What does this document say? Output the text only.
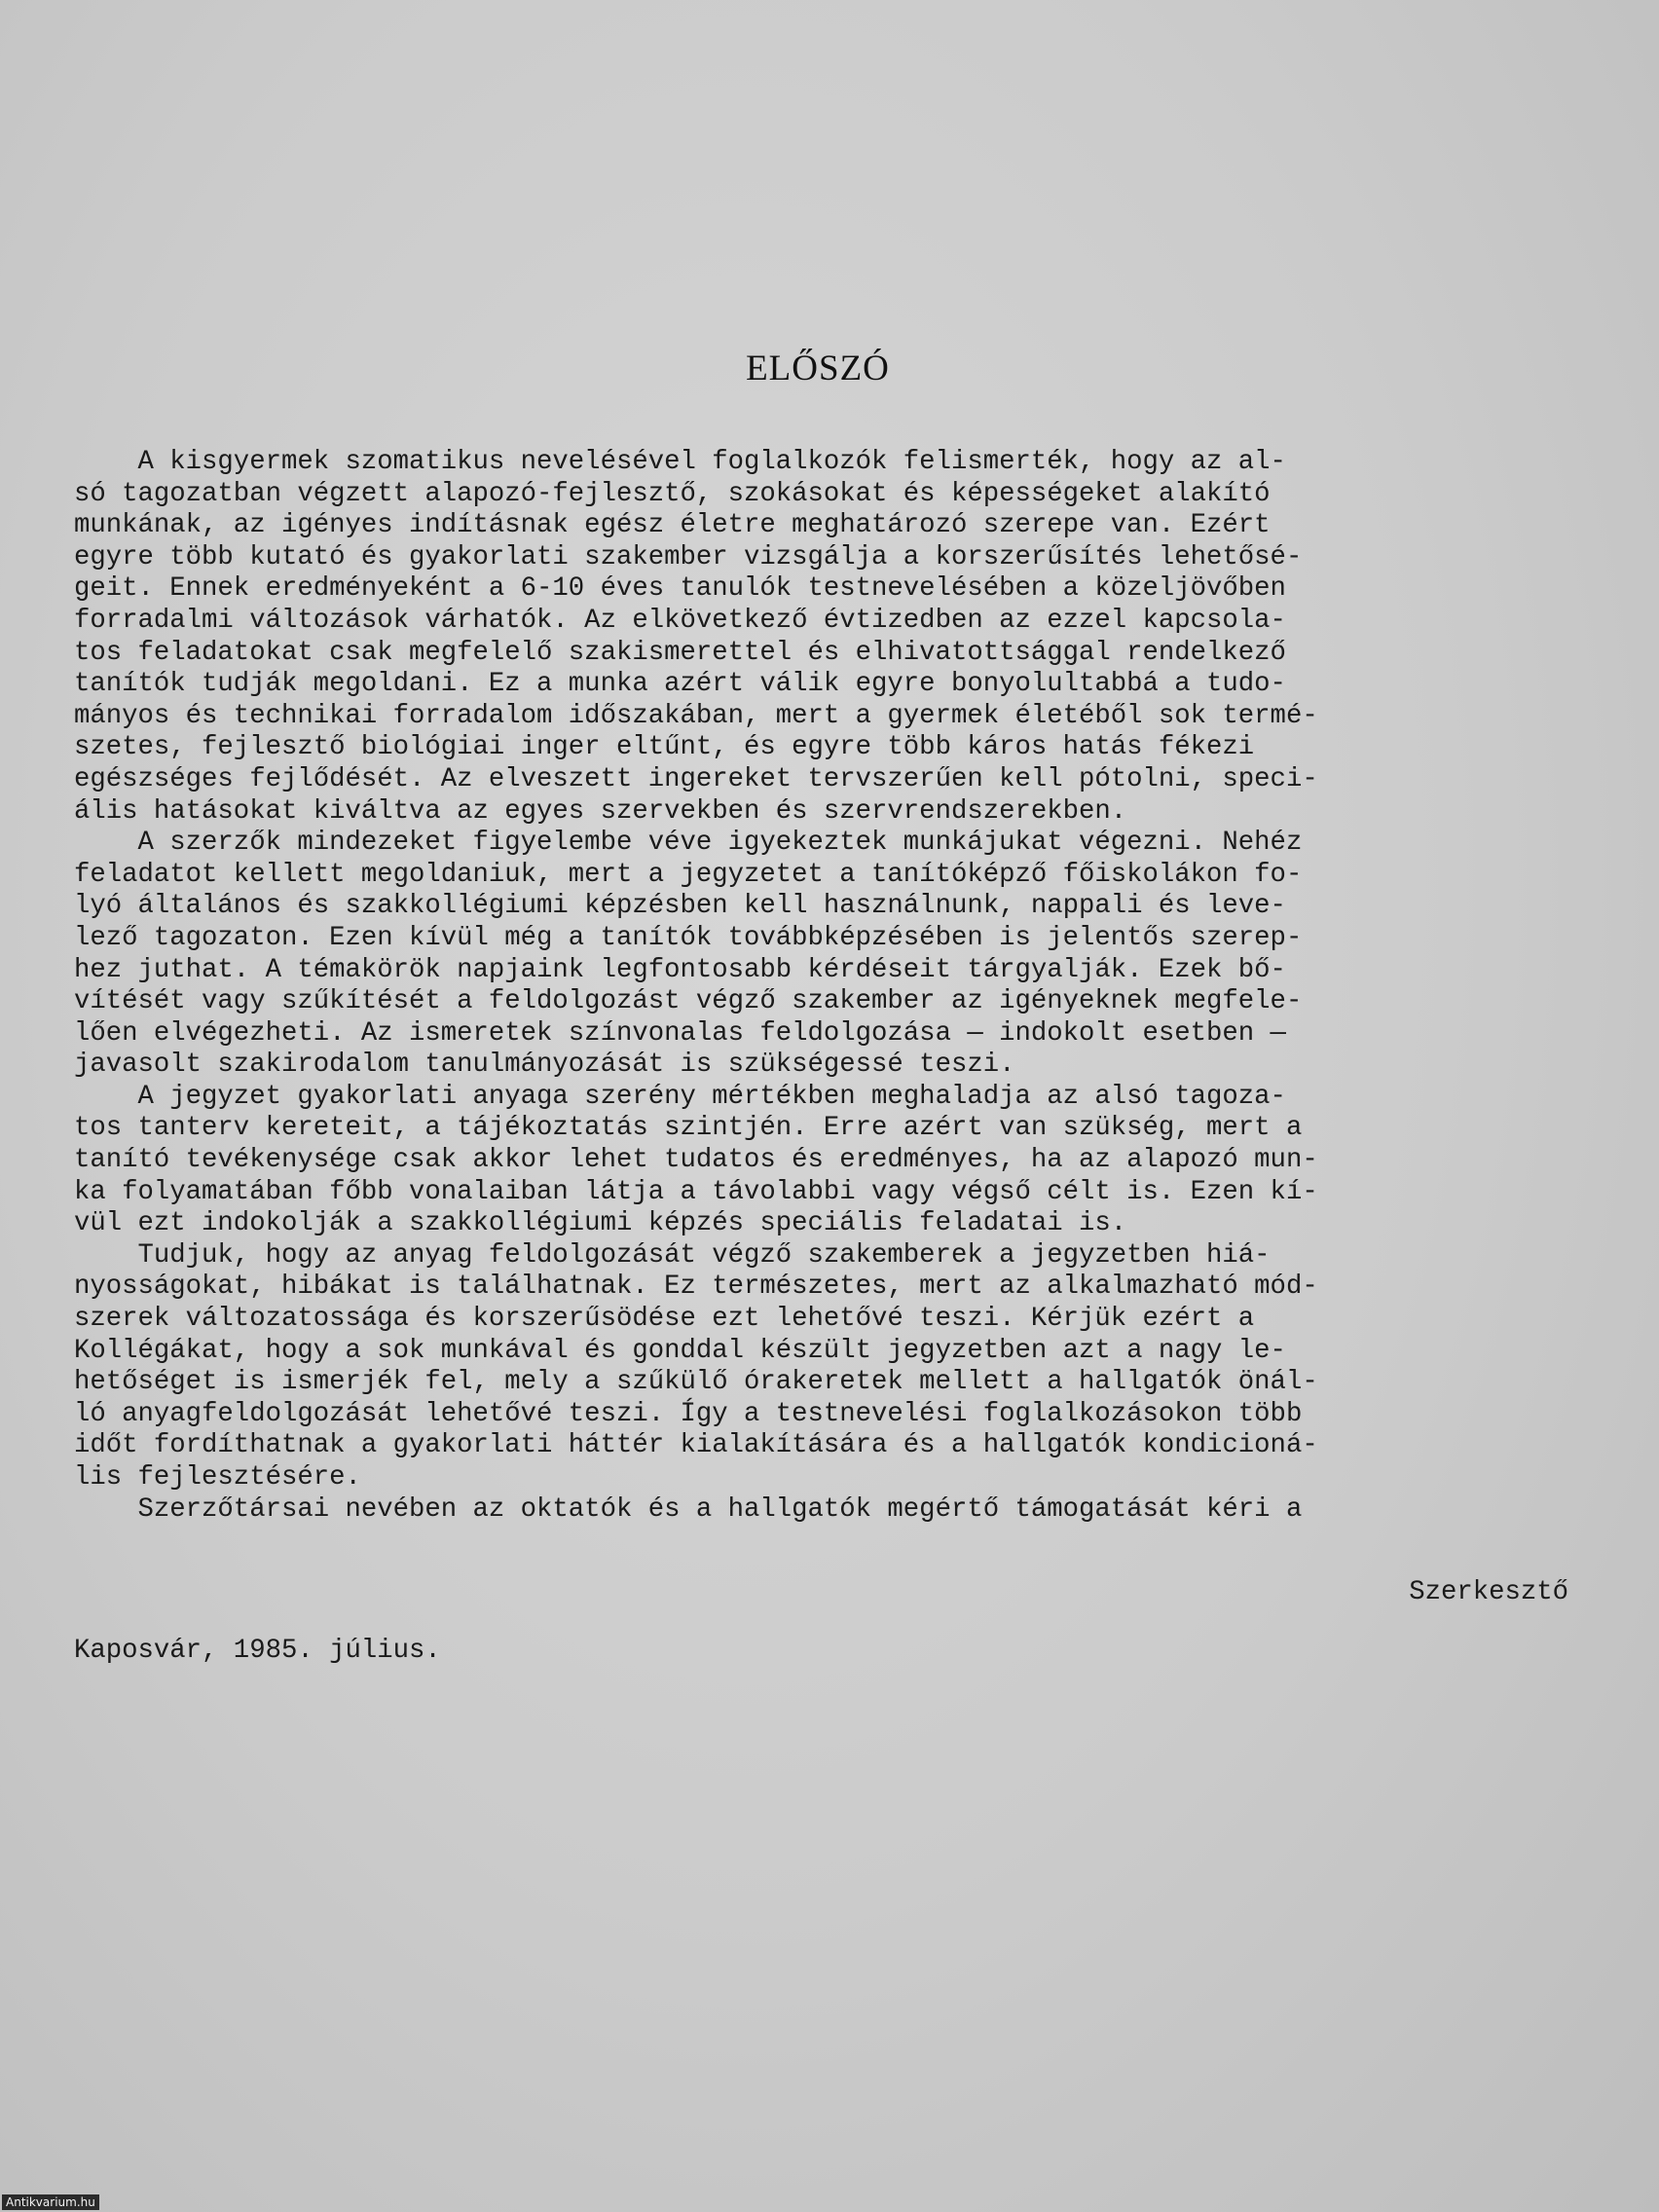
ELŐSZÓ
A kisgyermek szomatikus nevelésével foglalkozók felismerték, hogy az al-
só tagozatban végzett alapozó-fejlesztő, szokásokat és képességeket alakító
munkának, az igényes indításnak egész életre meghatározó szerepe van. Ezért
egyre több kutató és gyakorlati szakember vizsgálja a korszerűsítés lehetősé-
geit. Ennek eredményeként a 6-10 éves tanulók testnevelésében a közeljövőben
forradalmi változások várhatók. Az elkövetkező évtizedben az ezzel kapcsola-
tos feladatokat csak megfelelő szakismerettel és elhivatottsággal rendelkező
tanítók tudják megoldani. Ez a munka azért válik egyre bonyolultabbá a tudo-
mányos és technikai forradalom időszakában, mert a gyermek életéből sok termé-
szetes, fejlesztő biológiai inger eltűnt, és egyre több káros hatás fékezi
egészséges fejlődését. Az elveszett ingereket tervszerűen kell pótolni, speci-
ális hatásokat kiváltva az egyes szervekben és szervrendszerekben.
A szerzők mindezeket figyelembe véve igyekeztek munkájukat végezni. Nehéz
feladatot kellett megoldaniuk, mert a jegyzetet a tanítóképző főiskolákon fo-
lyó általános és szakkollégiumi képzésben kell használnunk, nappali és leve-
lező tagozaton. Ezen kívül még a tanítók továbbképzésében is jelentős szerep-
hez juthat. A témakörök napjaink legfontosabb kérdéseit tárgyalják. Ezek bő-
vítését vagy szűkítését a feldolgozást végző szakember az igényeknek megfele-
lően elvégezheti. Az ismeretek színvonalas feldolgozása — indokolt esetben —
javasolt szakirodalom tanulmányozását is szükségessé teszi.
A jegyzet gyakorlati anyaga szerény mértékben meghaladja az alsó tagoza-
tos tanterv kereteit, a tájékoztatás szintjén. Erre azért van szükség, mert a
tanító tevékenysége csak akkor lehet tudatos és eredményes, ha az alapozó mun-
ka folyamatában főbb vonalaiban látja a távolabbi vagy végső célt is. Ezen kí-
vül ezt indokolják a szakkollégiumi képzés speciális feladatai is.
Tudjuk, hogy az anyag feldolgozását végző szakemberek a jegyzetben hiá-
nyosságokat, hibákat is találhatnak. Ez természetes, mert az alkalmazható mód-
szerek változatossága és korszerűsödése ezt lehetővé teszi. Kérjük ezért a
Kollégákat, hogy a sok munkával és gonddal készült jegyzetben azt a nagy le-
hetőséget is ismerjék fel, mely a szűkülő órakeretek mellett a hallgatók önál-
ló anyagfeldolgozását lehetővé teszi. Így a testnevelési foglalkozásokon több
időt fordíthatnak a gyakorlati háttér kialakítására és a hallgatók kondicioná-
lis fejlesztésére.
Szerzőtársai nevében az oktatók és a hallgatók megértő támogatását kéri a
Szerkesztő
Kaposvár, 1985. július.
Antikvarium.hu
